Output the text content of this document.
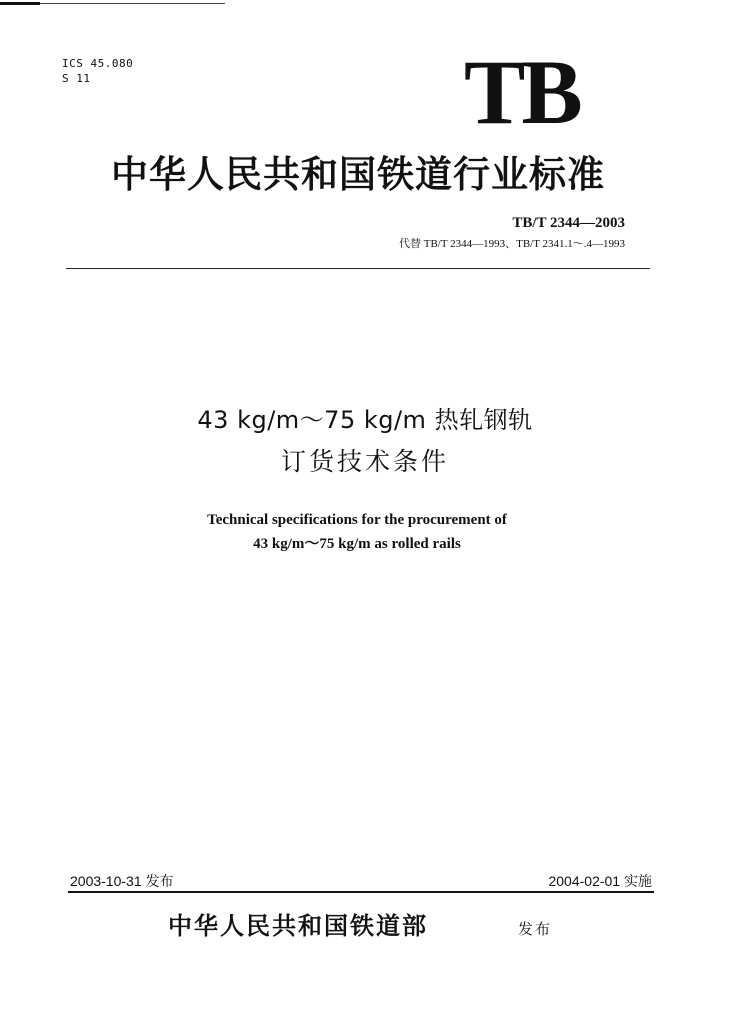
ICS 45.080
S 11	TB
中华人民共和国铁道行业标准
TB/T 2344—2003
代替 TB/T 2344—1993、TB/T 2341.1～.4—1993
43 kg/m～75 kg/m 热轧钢轨
订货技术条件
Technical specifications for the procurement of
43 kg/m～75 kg/m as rolled rails
2003-10-31 发布	2004-02-01 实施
中华人民共和国铁道部	发布
